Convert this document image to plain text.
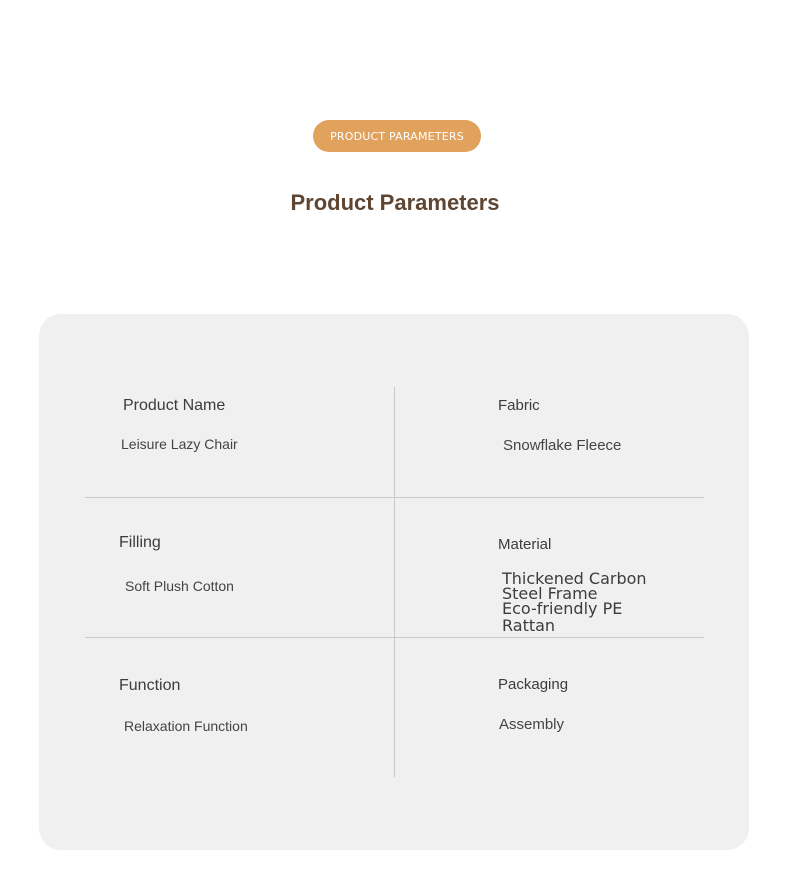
PRODUCT PARAMETERS
Product Parameters
Product Name
Leisure Lazy Chair
Fabric
Snowflake Fleece
Filling
Soft Plush Cotton
Material
Thickened Carbon
Steel Frame
Eco-friendly PE
Rattan
Function
Relaxation Function
Packaging
Assembly
